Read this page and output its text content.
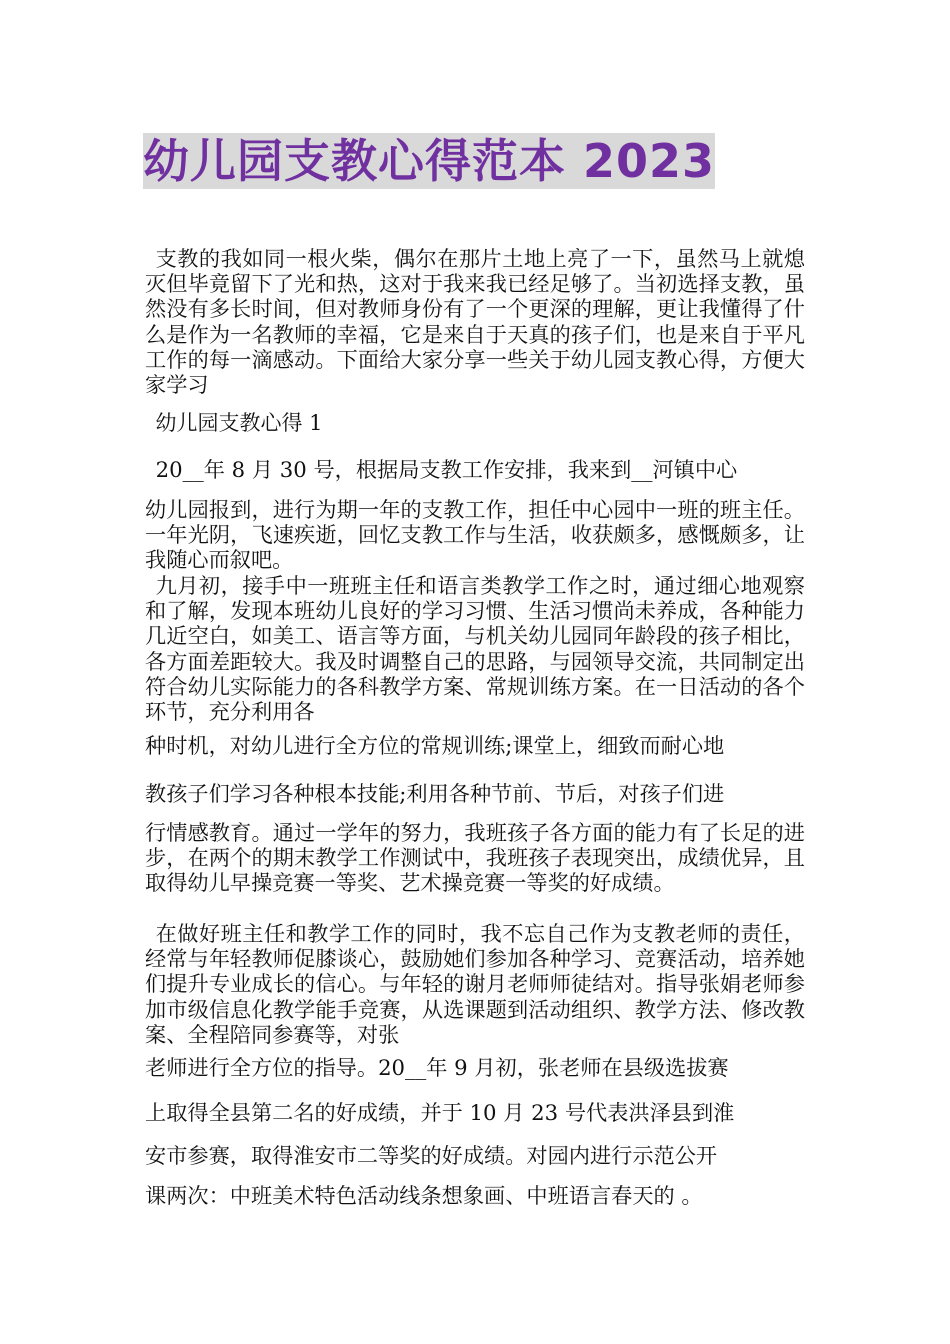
幼儿园支教心得范本 2023

支教的我如同一根火柴，偶尔在那片土地上亮了一下，虽然马上就熄灭但毕竟留下了光和热，这对于我来我已经足够了。当初选择支教，虽然没有多长时间，但对教师身份有了一个更深的理解，更让我懂得了什么是作为一名教师的幸福，它是来自于天真的孩子们，也是来自于平凡工作的每一滴感动。下面给大家分享一些关于幼儿园支教心得，方便大家学习

幼儿园支教心得 1

20__年 8 月 30 号，根据局支教工作安排，我来到__河镇中心

幼儿园报到，进行为期一年的支教工作，担任中心园中一班的班主任。一年光阴，飞速疾逝，回忆支教工作与生活，收获颇多，感慨颇多，让我随心而叙吧。

九月初，接手中一班班主任和语言类教学工作之时，通过细心地观察和了解，发现本班幼儿良好的学习习惯、生活习惯尚未养成，各种能力几近空白，如美工、语言等方面，与机关幼儿园同年龄段的孩子相比，各方面差距较大。我及时调整自己的思路，与园领导交流，共同制定出符合幼儿实际能力的各科教学方案、常规训练方案。在一日活动的各个环节，充分利用各

种时机，对幼儿进行全方位的常规训练;课堂上，细致而耐心地

教孩子们学习各种根本技能;利用各种节前、节后，对孩子们进

行情感教育。通过一学年的努力，我班孩子各方面的能力有了长足的进步，在两个的期末教学工作测试中，我班孩子表现突出，成绩优异，且取得幼儿早操竞赛一等奖、艺术操竞赛一等奖的好成绩。

在做好班主任和教学工作的同时，我不忘自己作为支教老师的责任，经常与年轻教师促膝谈心，鼓励她们参加各种学习、竞赛活动，培养她们提升专业成长的信心。与年轻的谢月老师师徒结对。指导张娟老师参加市级信息化教学能手竞赛，从选课题到活动组织、教学方法、修改教案、全程陪同参赛等，对张

老师进行全方位的指导。20__年 9 月初，张老师在县级选拔赛

上取得全县第二名的好成绩，并于 10 月 23 号代表洪泽县到淮

安市参赛，取得淮安市二等奖的好成绩。对园内进行示范公开

课两次：中班美术特色活动线条想象画、中班语言春天的 。
